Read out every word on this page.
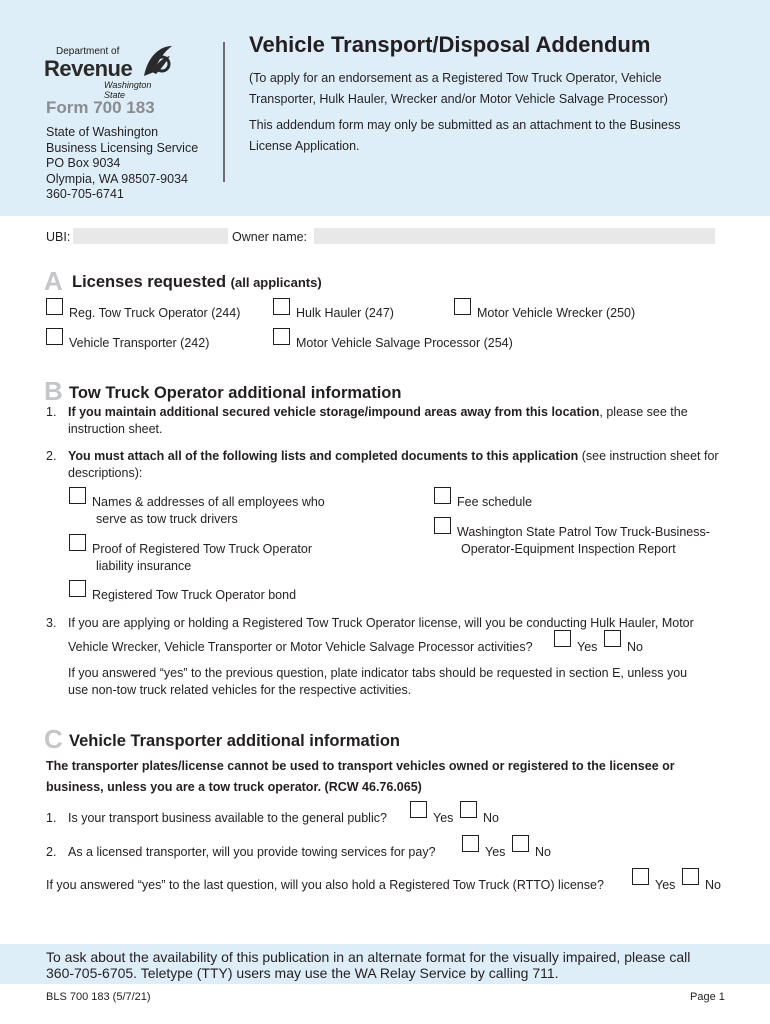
Department of
Revenue
Washington State
Form 700 183
State of Washington
Business Licensing Service
PO Box 9034
Olympia, WA 98507-9034
360-705-6741
Vehicle Transport/Disposal Addendum
(To apply for an endorsement as a Registered Tow Truck Operator, Vehicle Transporter, Hulk Hauler, Wrecker and/or Motor Vehicle Salvage Processor)
This addendum form may only be submitted as an attachment to the Business License Application.
UBI:	Owner name:
A Licenses requested (all applicants)
Reg. Tow Truck Operator (244)	Hulk Hauler (247)	Motor Vehicle Wrecker (250)
Vehicle Transporter (242)	Motor Vehicle Salvage Processor (254)
B Tow Truck Operator additional information
1. If you maintain additional secured vehicle storage/impound areas away from this location, please see the
instruction sheet.
2. You must attach all of the following lists and completed documents to this application (see instruction sheet for
descriptions):
Names & addresses of all employees who
serve as tow truck drivers
Fee schedule
Washington State Patrol Tow Truck-Business-
Operator-Equipment Inspection Report
Proof of Registered Tow Truck Operator
liability insurance
Registered Tow Truck Operator bond
3. If you are applying or holding a Registered Tow Truck Operator license, will you be conducting Hulk Hauler, Motor
Vehicle Wrecker, Vehicle Transporter or Motor Vehicle Salvage Processor activities?	Yes No
If you answered “yes” to the previous question, plate indicator tabs should be requested in section E, unless you
use non-tow truck related vehicles for the respective activities.
C Vehicle Transporter additional information
The transporter plates/license cannot be used to transport vehicles owned or registered to the licensee or
business, unless you are a tow truck operator. (RCW 46.76.065)
1. Is your transport business available to the general public?	Yes No
2. As a licensed transporter, will you provide towing services for pay?	Yes No
If you answered “yes” to the last question, will you also hold a Registered Tow Truck (RTTO) license?	Yes No
To ask about the availability of this publication in an alternate format for the visually impaired, please call
360-705-6705. Teletype (TTY) users may use the WA Relay Service by calling 711.
BLS 700 183 (5/7/21)	Page 1
